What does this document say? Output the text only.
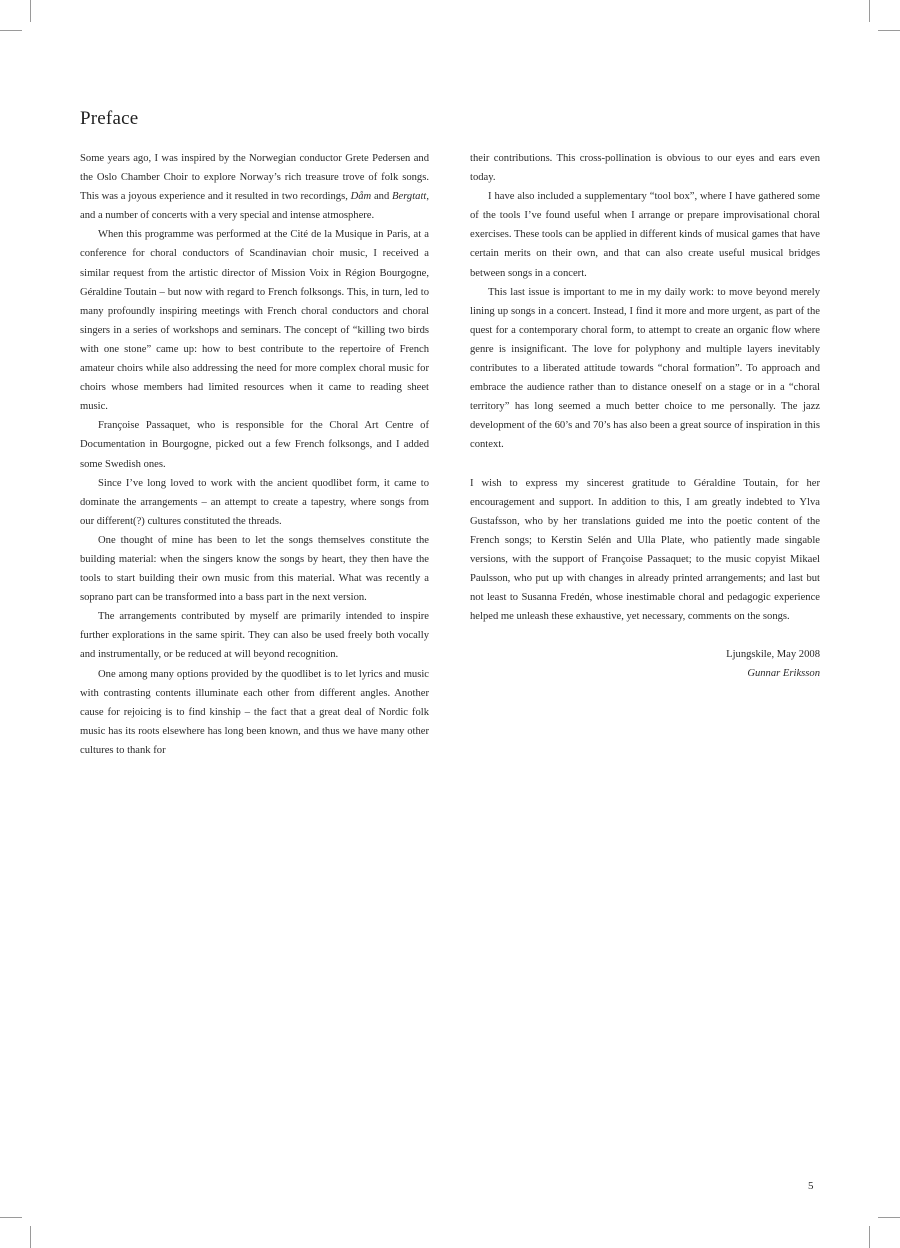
Preface

Some years ago, I was inspired by the Norwegian conductor Grete Pedersen and the Oslo Chamber Choir to explore Norway’s rich treasure trove of folk songs. This was a joyous experience and it resulted in two recordings, Dåm and Bergtatt, and a number of concerts with a very special and intense atmosphere.

When this programme was performed at the Cité de la Musique in Paris, at a conference for choral conductors of Scandinavian choir music, I received a similar request from the artistic director of Mission Voix in Région Bourgogne, Géraldine Toutain – but now with regard to French folksongs. This, in turn, led to many profoundly inspiring meetings with French choral conductors and choral singers in a series of workshops and seminars. The concept of “killing two birds with one stone” came up: how to best contribute to the repertoire of French amateur choirs while also addressing the need for more complex choral music for choirs whose members had limited resources when it came to reading sheet music.

Françoise Passaquet, who is responsible for the Choral Art Centre of Documentation in Bourgogne, picked out a few French folksongs, and I added some Swedish ones.

Since I’ve long loved to work with the ancient quodlibet form, it came to dominate the arrangements – an attempt to create a tapestry, where songs from our different(?) cultures constituted the threads.

One thought of mine has been to let the songs themselves constitute the building material: when the singers know the songs by heart, they then have the tools to start building their own music from this material. What was recently a soprano part can be transformed into a bass part in the next version.

The arrangements contributed by myself are primarily intended to inspire further explorations in the same spirit. They can also be used freely both vocally and instrumentally, or be reduced at will beyond recognition.

One among many options provided by the quodlibet is to let lyrics and music with contrasting contents illuminate each other from different angles. Another cause for rejoicing is to find kinship – the fact that a great deal of Nordic folk music has its roots elsewhere has long been known, and thus we have many other cultures to thank for

their contributions. This cross-pollination is obvious to our eyes and ears even today.

I have also included a supplementary “tool box”, where I have gathered some of the tools I’ve found useful when I arrange or prepare improvisational choral exercises. These tools can be applied in different kinds of musical games that have certain merits on their own, and that can also create useful musical bridges between songs in a concert.

This last issue is important to me in my daily work: to move beyond merely lining up songs in a concert. Instead, I find it more and more urgent, as part of the quest for a contemporary choral form, to attempt to create an organic flow where genre is insignificant. The love for polyphony and multiple layers inevitably contributes to a liberated attitude towards “choral formation”. To approach and embrace the audience rather than to distance oneself on a stage or in a “choral territory” has long seemed a much better choice to me personally. The jazz development of the 60’s and 70’s has also been a great source of inspiration in this context.

I wish to express my sincerest gratitude to Géraldine Toutain, for her encouragement and support. In addition to this, I am greatly indebted to Ylva Gustafsson, who by her translations guided me into the poetic content of the French songs; to Kerstin Selén and Ulla Plate, who patiently made singable versions, with the support of Françoise Passaquet; to the music copyist Mikael Paulsson, who put up with changes in already printed arrangements; and last but not least to Susanna Fredén, whose inestimable choral and pedagogic experience helped me unleash these exhaustive, yet necessary, comments on the songs.

Ljungskile, May 2008
Gunnar Eriksson
5
